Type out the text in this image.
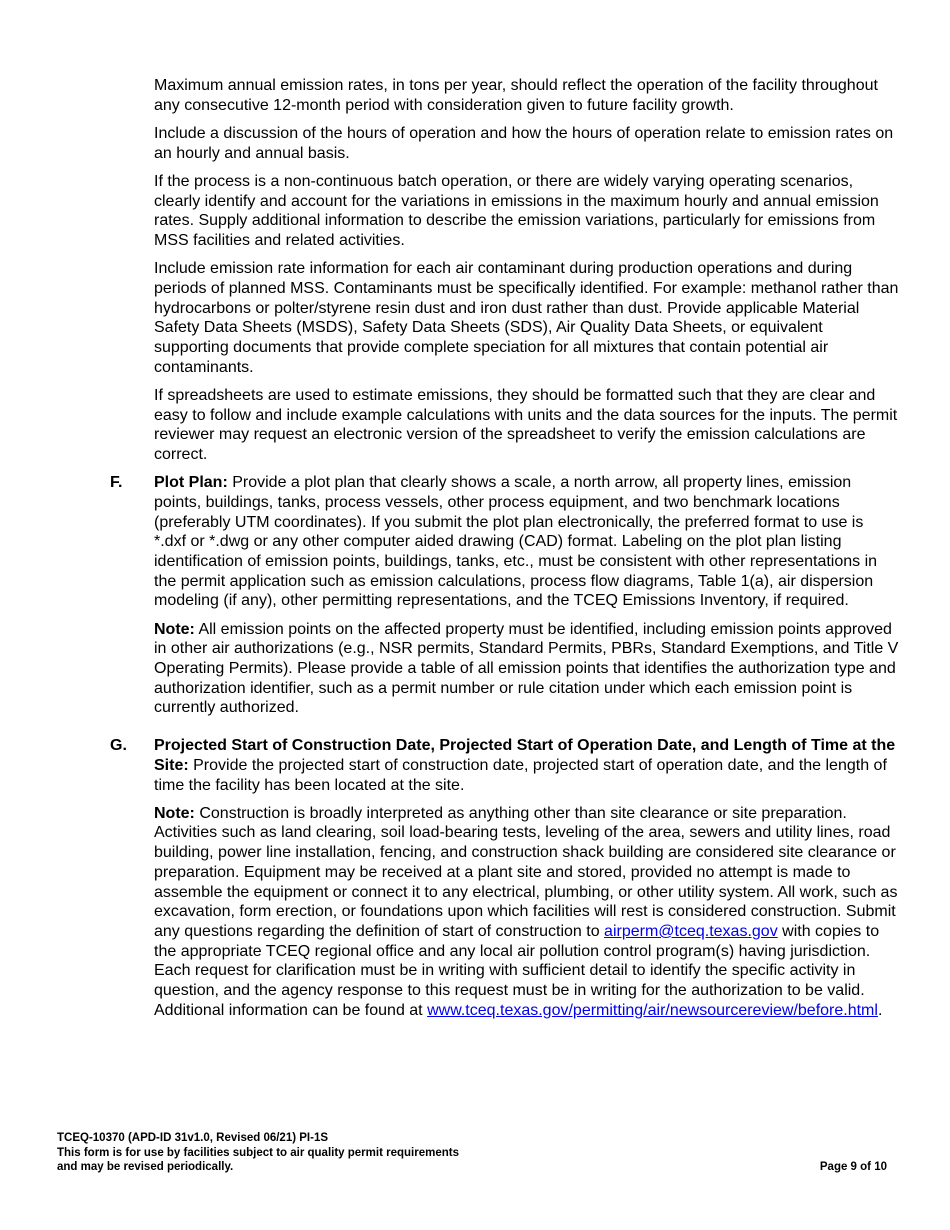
Maximum annual emission rates, in tons per year, should reflect the operation of the facility throughout any consecutive 12-month period with consideration given to future facility growth.

Include a discussion of the hours of operation and how the hours of operation relate to emission rates on an hourly and annual basis.

If the process is a non-continuous batch operation, or there are widely varying operating scenarios, clearly identify and account for the variations in emissions in the maximum hourly and annual emission rates. Supply additional information to describe the emission variations, particularly for emissions from MSS facilities and related activities.

Include emission rate information for each air contaminant during production operations and during periods of planned MSS. Contaminants must be specifically identified. For example: methanol rather than hydrocarbons or polter/styrene resin dust and iron dust rather than dust. Provide applicable Material Safety Data Sheets (MSDS), Safety Data Sheets (SDS), Air Quality Data Sheets, or equivalent supporting documents that provide complete speciation for all mixtures that contain potential air contaminants.

If spreadsheets are used to estimate emissions, they should be formatted such that they are clear and easy to follow and include example calculations with units and the data sources for the inputs. The permit reviewer may request an electronic version of the spreadsheet to verify the emission calculations are correct.

F. Plot Plan: Provide a plot plan that clearly shows a scale, a north arrow, all property lines, emission points, buildings, tanks, process vessels, other process equipment, and two benchmark locations (preferably UTM coordinates). If you submit the plot plan electronically, the preferred format to use is *.dxf or *.dwg or any other computer aided drawing (CAD) format. Labeling on the plot plan listing identification of emission points, buildings, tanks, etc., must be consistent with other representations in the permit application such as emission calculations, process flow diagrams, Table 1(a), air dispersion modeling (if any), other permitting representations, and the TCEQ Emissions Inventory, if required.

Note: All emission points on the affected property must be identified, including emission points approved in other air authorizations (e.g., NSR permits, Standard Permits, PBRs, Standard Exemptions, and Title V Operating Permits). Please provide a table of all emission points that identifies the authorization type and authorization identifier, such as a permit number or rule citation under which each emission point is currently authorized.

G. Projected Start of Construction Date, Projected Start of Operation Date, and Length of Time at the Site: Provide the projected start of construction date, projected start of operation date, and the length of time the facility has been located at the site.

Note: Construction is broadly interpreted as anything other than site clearance or site preparation. Activities such as land clearing, soil load-bearing tests, leveling of the area, sewers and utility lines, road building, power line installation, fencing, and construction shack building are considered site clearance or preparation. Equipment may be received at a plant site and stored, provided no attempt is made to assemble the equipment or connect it to any electrical, plumbing, or other utility system. All work, such as excavation, form erection, or foundations upon which facilities will rest is considered construction. Submit any questions regarding the definition of start of construction to airperm@tceq.texas.gov with copies to the appropriate TCEQ regional office and any local air pollution control program(s) having jurisdiction. Each request for clarification must be in writing with sufficient detail to identify the specific activity in question, and the agency response to this request must be in writing for the authorization to be valid. Additional information can be found at www.tceq.texas.gov/permitting/air/newsourcereview/before.html.

TCEQ-10370 (APD-ID 31v1.0, Revised 06/21) PI-1S
This form is for use by facilities subject to air quality permit requirements
and may be revised periodically.	Page 9 of 10
